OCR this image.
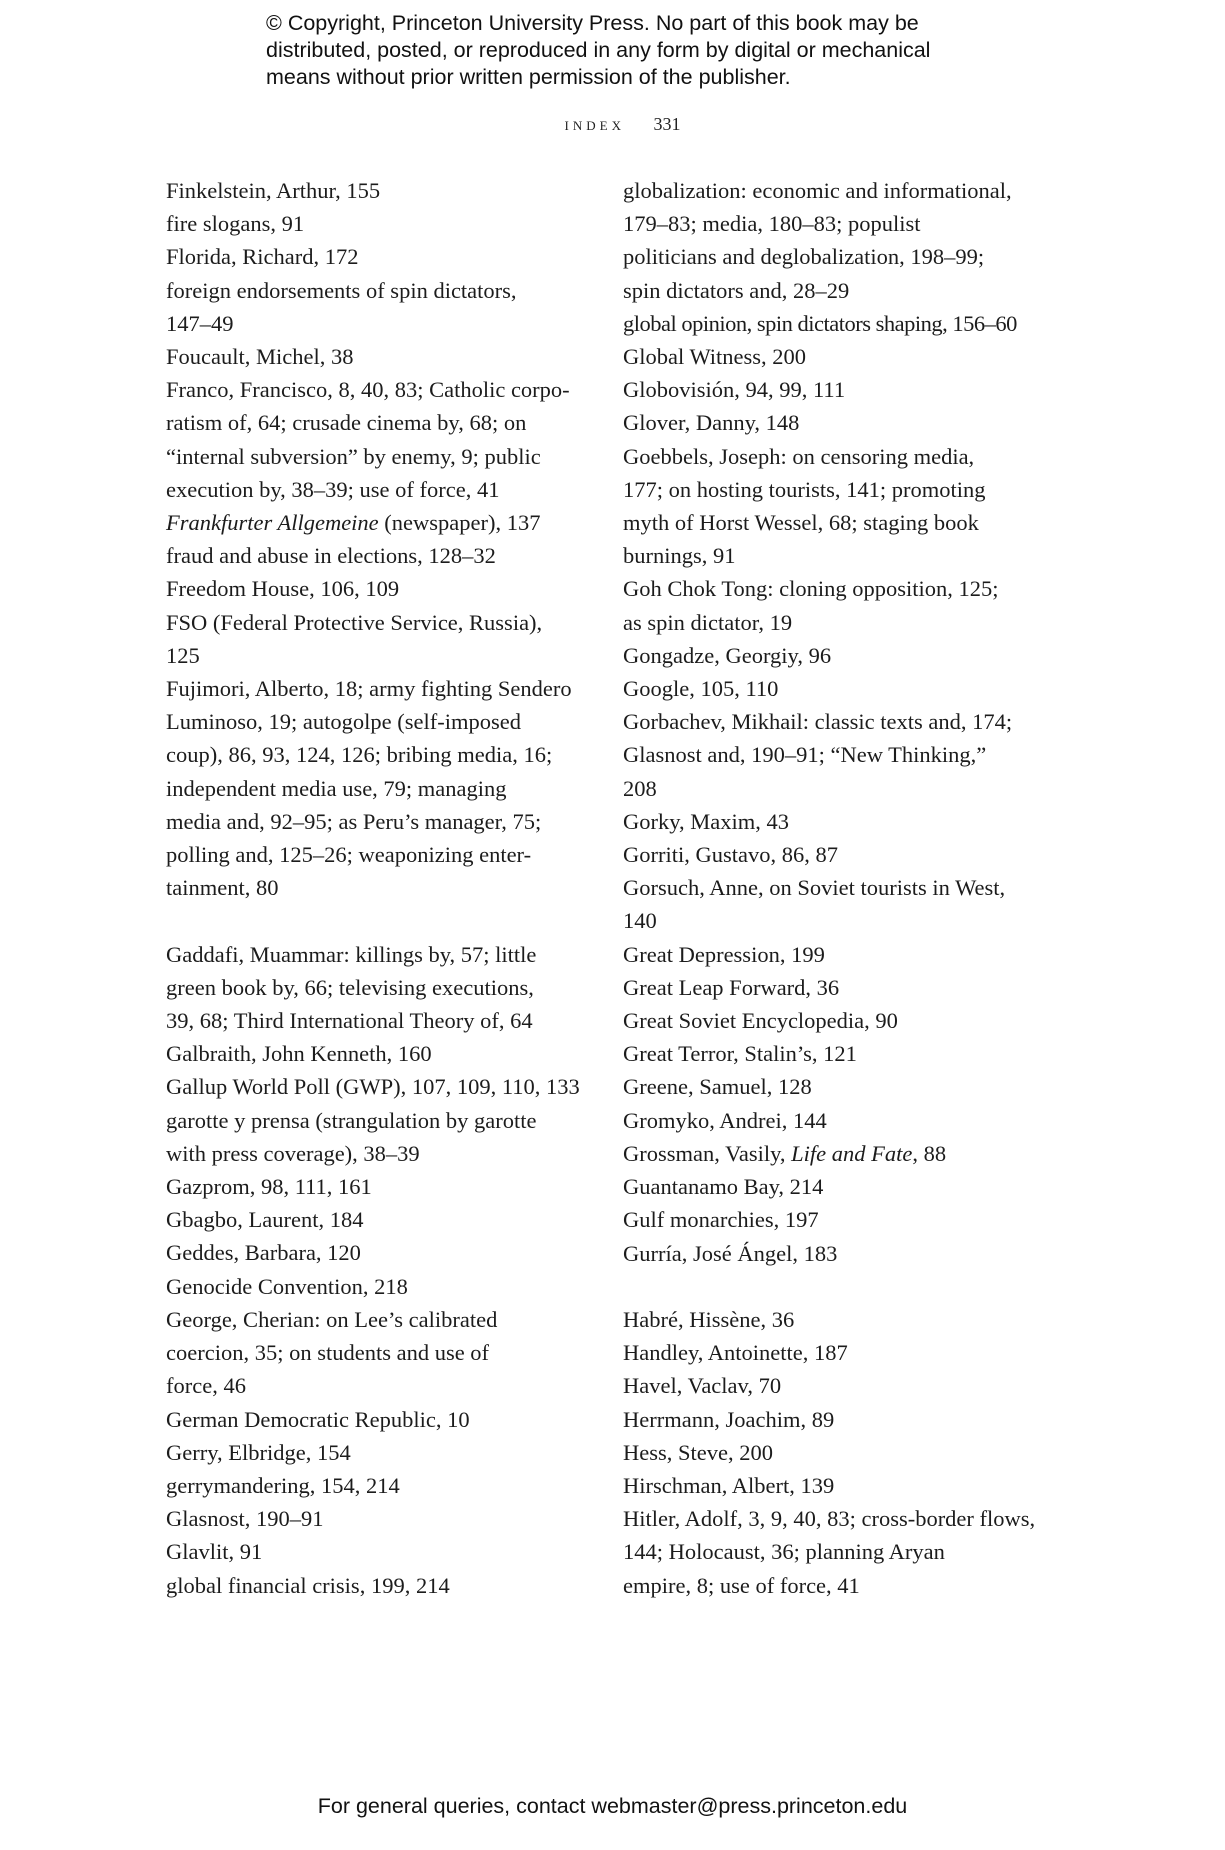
© Copyright, Princeton University Press. No part of this book may be
distributed, posted, or reproduced in any form by digital or mechanical
means without prior written permission of the publisher.
index 331
Finkelstein, Arthur, 155
fire slogans, 91
Florida, Richard, 172
foreign endorsements of spin dictators,
147–49
Foucault, Michel, 38
Franco, Francisco, 8, 40, 83; Catholic corpo-
ratism of, 64; crusade cinema by, 68; on
“internal subversion” by enemy, 9; public
execution by, 38–39; use of force, 41
Frankfurter Allgemeine (newspaper), 137
fraud and abuse in elections, 128–32
Freedom House, 106, 109
FSO (Federal Protective Service, Russia),
125
Fujimori, Alberto, 18; army fighting Sendero
Luminoso, 19; autogolpe (self-imposed
coup), 86, 93, 124, 126; bribing media, 16;
independent media use, 79; managing
media and, 92–95; as Peru’s manager, 75;
polling and, 125–26; weaponizing enter-
tainment, 80
Gaddafi, Muammar: killings by, 57; little
green book by, 66; televising executions,
39, 68; Third International Theory of, 64
Galbraith, John Kenneth, 160
Gallup World Poll (GWP), 107, 109, 110, 133
garotte y prensa (strangulation by garotte
with press coverage), 38–39
Gazprom, 98, 111, 161
Gbagbo, Laurent, 184
Geddes, Barbara, 120
Genocide Convention, 218
George, Cherian: on Lee’s calibrated
coercion, 35; on students and use of
force, 46
German Democratic Republic, 10
Gerry, Elbridge, 154
gerrymandering, 154, 214
Glasnost, 190–91
Glavlit, 91
global financial crisis, 199, 214
globalization: economic and informational,
179–83; media, 180–83; populist
politicians and deglobalization, 198–99;
spin dictators and, 28–29
global opinion, spin dictators shaping, 156–60
Global Witness, 200
Globovisión, 94, 99, 111
Glover, Danny, 148
Goebbels, Joseph: on censoring media,
177; on hosting tourists, 141; promoting
myth of Horst Wessel, 68; staging book
burnings, 91
Goh Chok Tong: cloning opposition, 125;
as spin dictator, 19
Gongadze, Georgiy, 96
Google, 105, 110
Gorbachev, Mikhail: classic texts and, 174;
Glasnost and, 190–91; “New Thinking,”
208
Gorky, Maxim, 43
Gorriti, Gustavo, 86, 87
Gorsuch, Anne, on Soviet tourists in West,
140
Great Depression, 199
Great Leap Forward, 36
Great Soviet Encyclopedia, 90
Great Terror, Stalin’s, 121
Greene, Samuel, 128
Gromyko, Andrei, 144
Grossman, Vasily, Life and Fate, 88
Guantanamo Bay, 214
Gulf monarchies, 197
Gurría, José Ángel, 183
Habré, Hissène, 36
Handley, Antoinette, 187
Havel, Vaclav, 70
Herrmann, Joachim, 89
Hess, Steve, 200
Hirschman, Albert, 139
Hitler, Adolf, 3, 9, 40, 83; cross-border flows,
144; Holocaust, 36; planning Aryan
empire, 8; use of force, 41
For general queries, contact webmaster@press.princeton.edu
